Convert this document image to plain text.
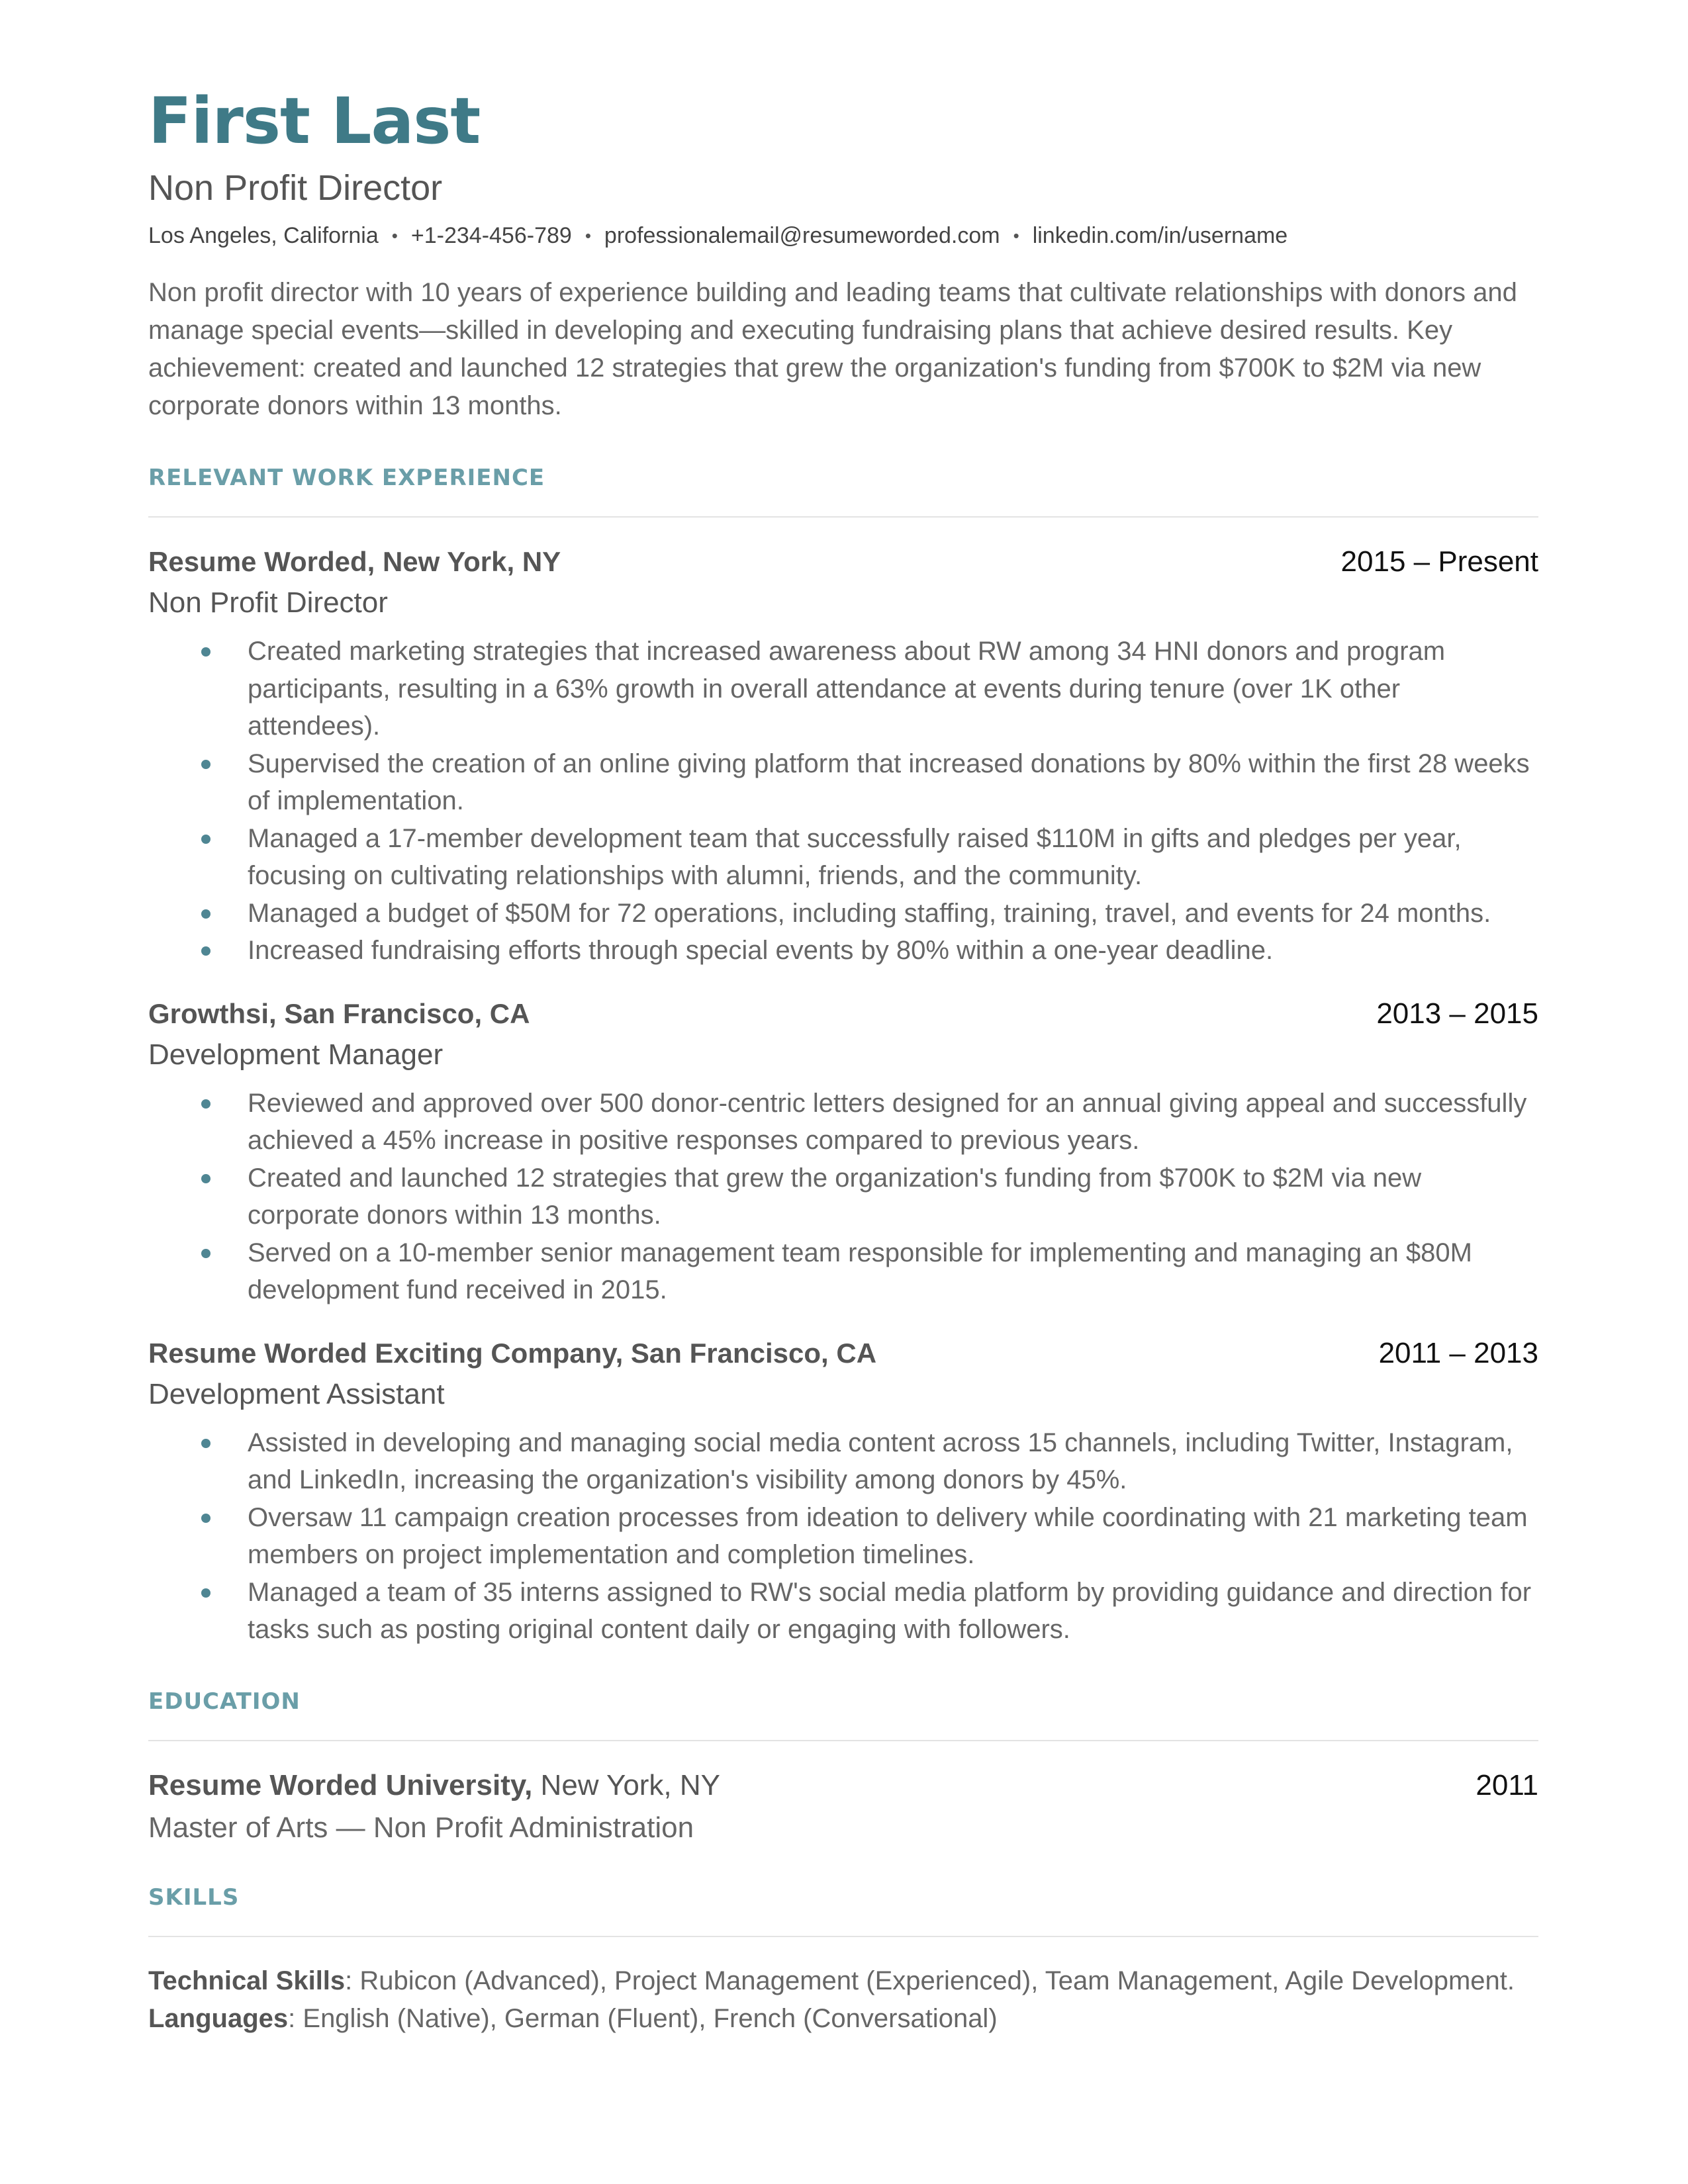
First Last
Non Profit Director
Los Angeles, California • +1-234-456-789 • professionalemail@resumeworded.com • linkedin.com/in/username

Non profit director with 10 years of experience building and leading teams that cultivate relationships with donors and manage special events—skilled in developing and executing fundraising plans that achieve desired results. Key achievement: created and launched 12 strategies that grew the organization's funding from $700K to $2M via new corporate donors within 13 months.

RELEVANT WORK EXPERIENCE
Resume Worded, New York, NY	2015 – Present
Non Profit Director
Created marketing strategies that increased awareness about RW among 34 HNI donors and program participants, resulting in a 63% growth in overall attendance at events during tenure (over 1K other attendees).
Supervised the creation of an online giving platform that increased donations by 80% within the first 28 weeks of implementation.
Managed a 17-member development team that successfully raised $110M in gifts and pledges per year, focusing on cultivating relationships with alumni, friends, and the community.
Managed a budget of $50M for 72 operations, including staffing, training, travel, and events for 24 months.
Increased fundraising efforts through special events by 80% within a one-year deadline.
Growthsi, San Francisco, CA	2013 – 2015
Development Manager
Reviewed and approved over 500 donor-centric letters designed for an annual giving appeal and successfully achieved a 45% increase in positive responses compared to previous years.
Created and launched 12 strategies that grew the organization's funding from $700K to $2M via new corporate donors within 13 months.
Served on a 10-member senior management team responsible for implementing and managing an $80M development fund received in 2015.
Resume Worded Exciting Company, San Francisco, CA	2011 – 2013
Development Assistant
Assisted in developing and managing social media content across 15 channels, including Twitter, Instagram, and LinkedIn, increasing the organization's visibility among donors by 45%.
Oversaw 11 campaign creation processes from ideation to delivery while coordinating with 21 marketing team members on project implementation and completion timelines.
Managed a team of 35 interns assigned to RW's social media platform by providing guidance and direction for tasks such as posting original content daily or engaging with followers.
EDUCATION
Resume Worded University, New York, NY	2011
Master of Arts — Non Profit Administration
SKILLS
Technical Skills: Rubicon (Advanced), Project Management (Experienced), Team Management, Agile Development.
Languages: English (Native), German (Fluent), French (Conversational)
